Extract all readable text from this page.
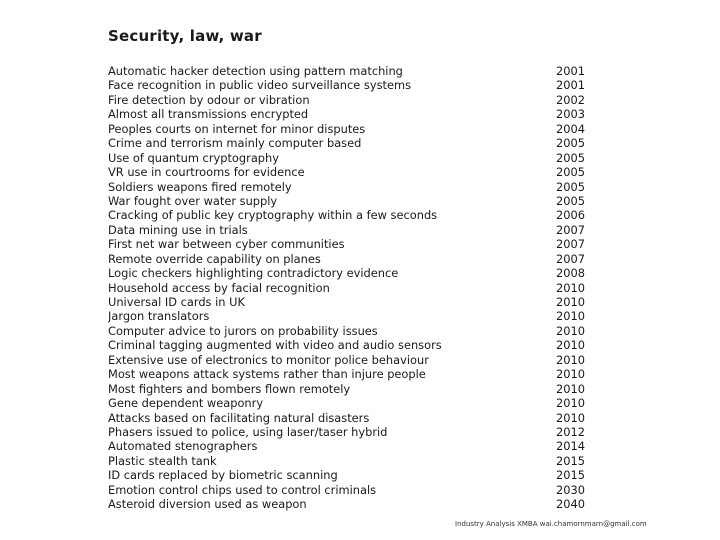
Security, law, war
Automatic hacker detection using pattern matching	2001
Face recognition in public video surveillance systems	2001
Fire detection by odour or vibration	2002
Almost all transmissions encrypted	2003
Peoples courts on internet for minor disputes	2004
Crime and terrorism mainly computer based	2005
Use of quantum cryptography	2005
VR use in courtrooms for evidence	2005
Soldiers weapons fired remotely	2005
War fought over water supply	2005
Cracking of public key cryptography within a few seconds	2006
Data mining use in trials	2007
First net war between cyber communities	2007
Remote override capability on planes	2007
Logic checkers highlighting contradictory evidence	2008
Household access by facial recognition	2010
Universal ID cards in UK	2010
Jargon translators	2010
Computer advice to jurors on probability issues	2010
Criminal tagging augmented with video and audio sensors	2010
Extensive use of electronics to monitor police behaviour	2010
Most weapons attack systems rather than injure people	2010
Most fighters and bombers flown remotely	2010
Gene dependent weaponry	2010
Attacks based on facilitating natural disasters	2010
Phasers issued to police, using laser/taser hybrid	2012
Automated stenographers	2014
Plastic stealth tank	2015
ID cards replaced by biometric scanning	2015
Emotion control chips used to control criminals	2030
Asteroid diversion used as weapon	2040
Industry Analysis XMBA wai.chamornmarn@gmail.com
